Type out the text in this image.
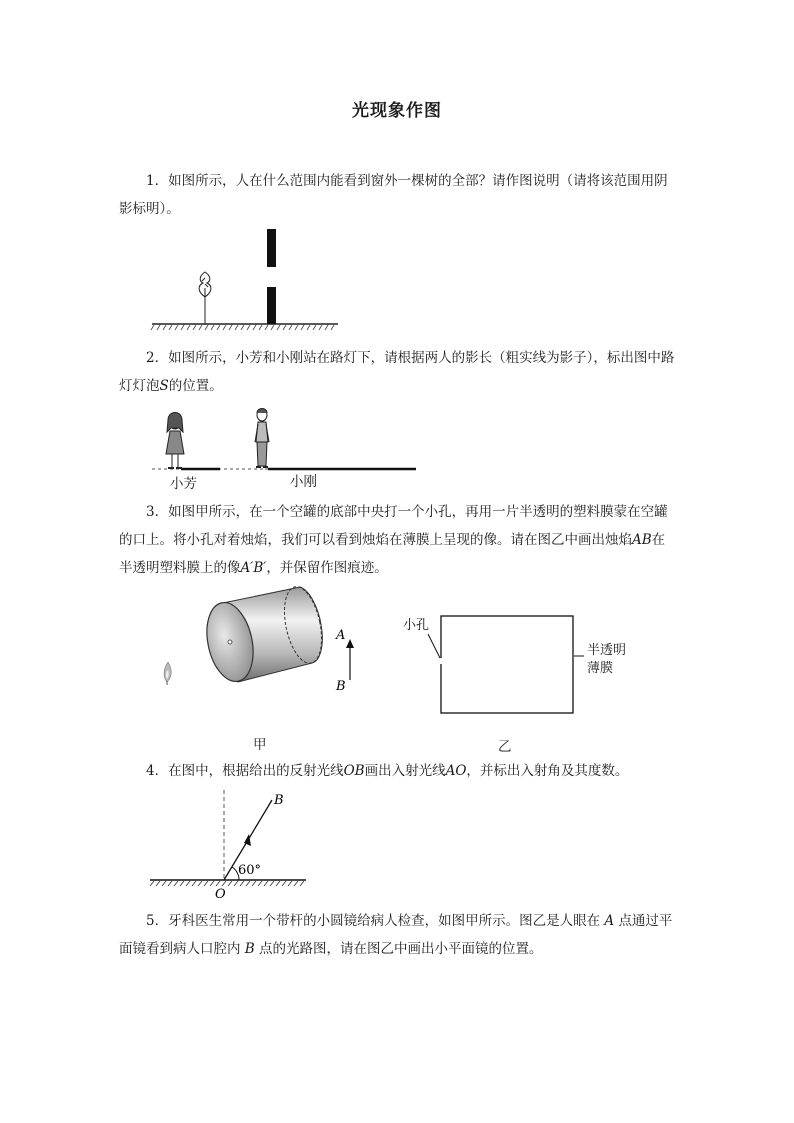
光现象作图

1．如图所示，人在什么范围内能看到窗外一棵树的全部？请作图说明（请将该范围用阴影标明）。

2．如图所示，小芳和小刚站在路灯下，请根据两人的影长（粗实线为影子），标出图中路灯灯泡S的位置。

小芳	小刚

3．如图甲所示，在一个空罐的底部中央打一个小孔，再用一片半透明的塑料膜蒙在空罐的口上。将小孔对着烛焰，我们可以看到烛焰在薄膜上呈现的像。请在图乙中画出烛焰AB在半透明塑料膜上的像A′B′，并保留作图痕迹。

A
B
小孔
半透明
薄膜
甲	乙

4．在图中，根据给出的反射光线OB画出入射光线AO，并标出入射角及其度数。

60°
B
O

5．牙科医生常用一个带杆的小圆镜给病人检查，如图甲所示。图乙是人眼在 A 点通过平面镜看到病人口腔内 B 点的光路图，请在图乙中画出小平面镜的位置。
